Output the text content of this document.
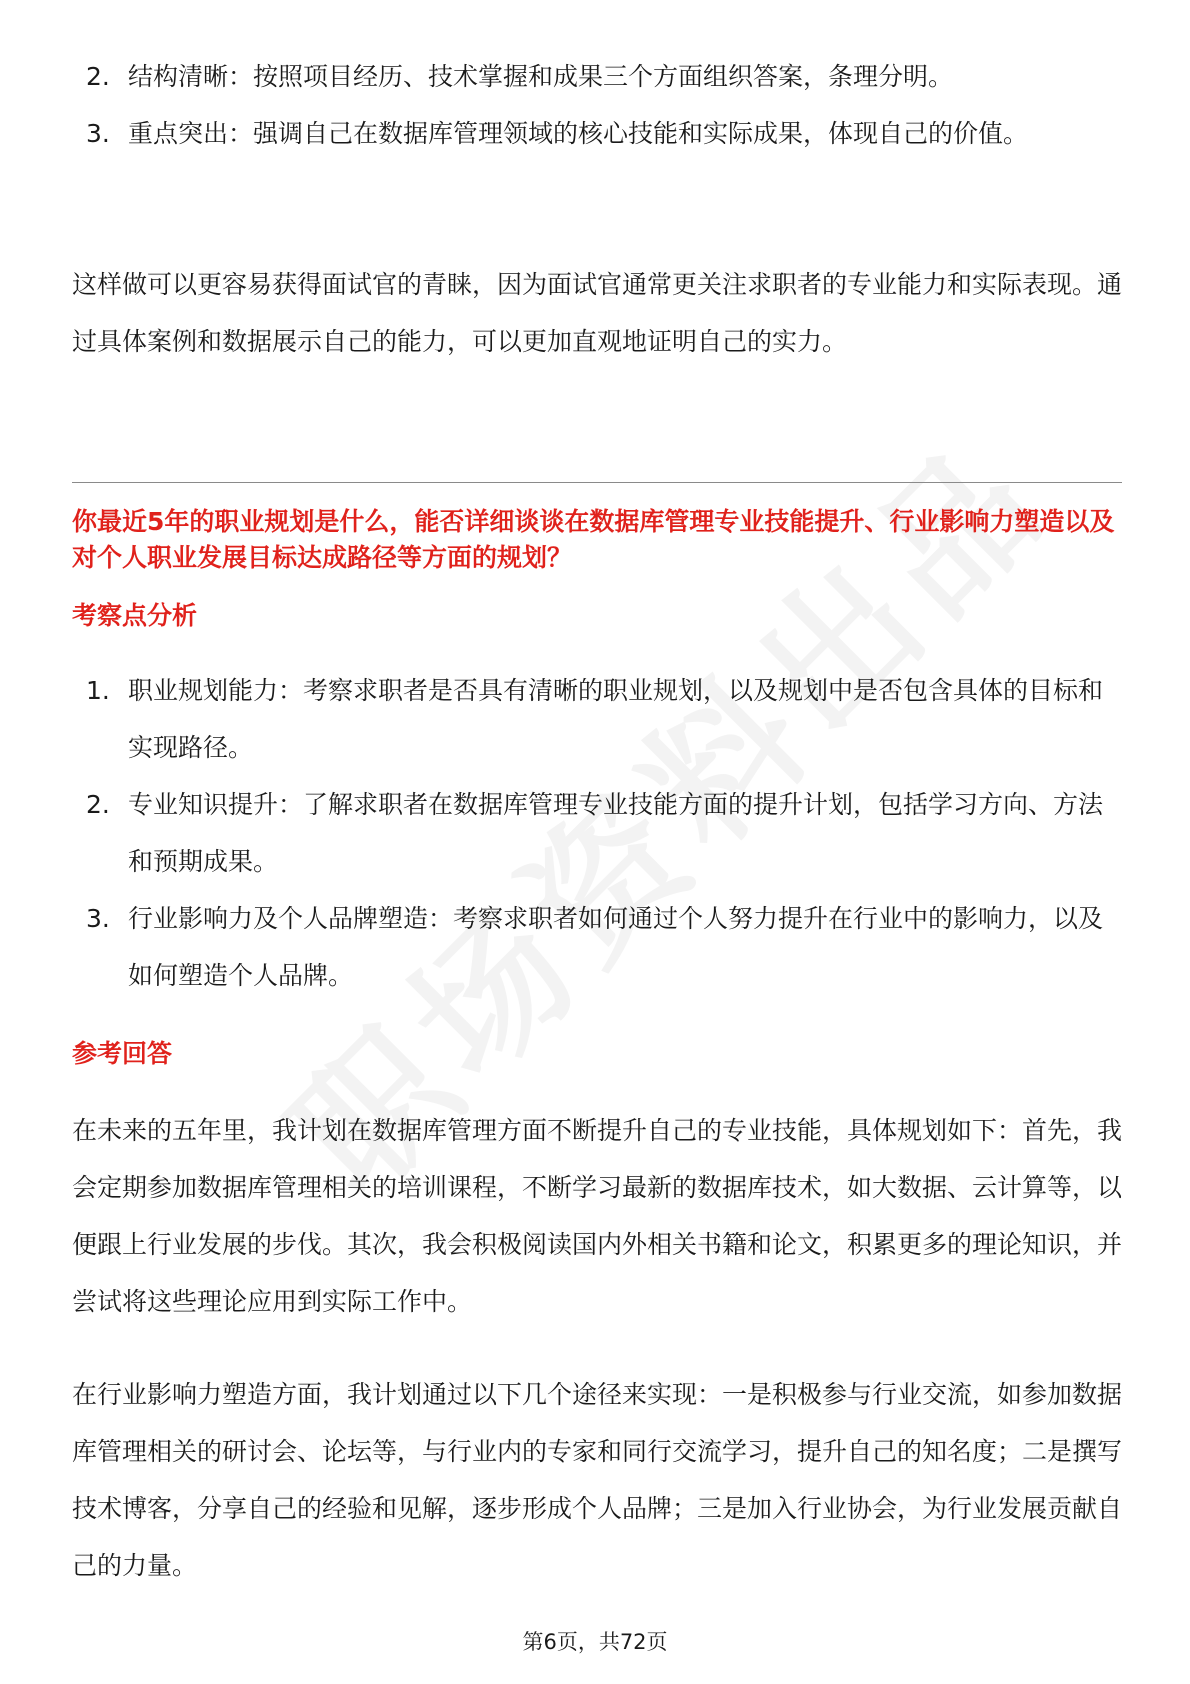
2. 结构清晰：按照项目经历、技术掌握和成果三个方面组织答案，条理分明。
3. 重点突出：强调自己在数据库管理领域的核心技能和实际成果，体现自己的价值。

这样做可以更容易获得面试官的青睐，因为面试官通常更关注求职者的专业能力和实际表现。通过具体案例和数据展示自己的能力，可以更加直观地证明自己的实力。

你最近5年的职业规划是什么，能否详细谈谈在数据库管理专业技能提升、行业影响力塑造以及对个人职业发展目标达成路径等方面的规划？

考察点分析

1. 职业规划能力：考察求职者是否具有清晰的职业规划，以及规划中是否包含具体的目标和实现路径。
2. 专业知识提升：了解求职者在数据库管理专业技能方面的提升计划，包括学习方向、方法和预期成果。
3. 行业影响力及个人品牌塑造：考察求职者如何通过个人努力提升在行业中的影响力，以及如何塑造个人品牌。

参考回答

在未来的五年里，我计划在数据库管理方面不断提升自己的专业技能，具体规划如下：首先，我会定期参加数据库管理相关的培训课程，不断学习最新的数据库技术，如大数据、云计算等，以便跟上行业发展的步伐。其次，我会积极阅读国内外相关书籍和论文，积累更多的理论知识，并尝试将这些理论应用到实际工作中。

在行业影响力塑造方面，我计划通过以下几个途径来实现：一是积极参与行业交流，如参加数据库管理相关的研讨会、论坛等，与行业内的专家和同行交流学习，提升自己的知名度；二是撰写技术博客，分享自己的经验和见解，逐步形成个人品牌；三是加入行业协会，为行业发展贡献自己的力量。

第6页，共72页
